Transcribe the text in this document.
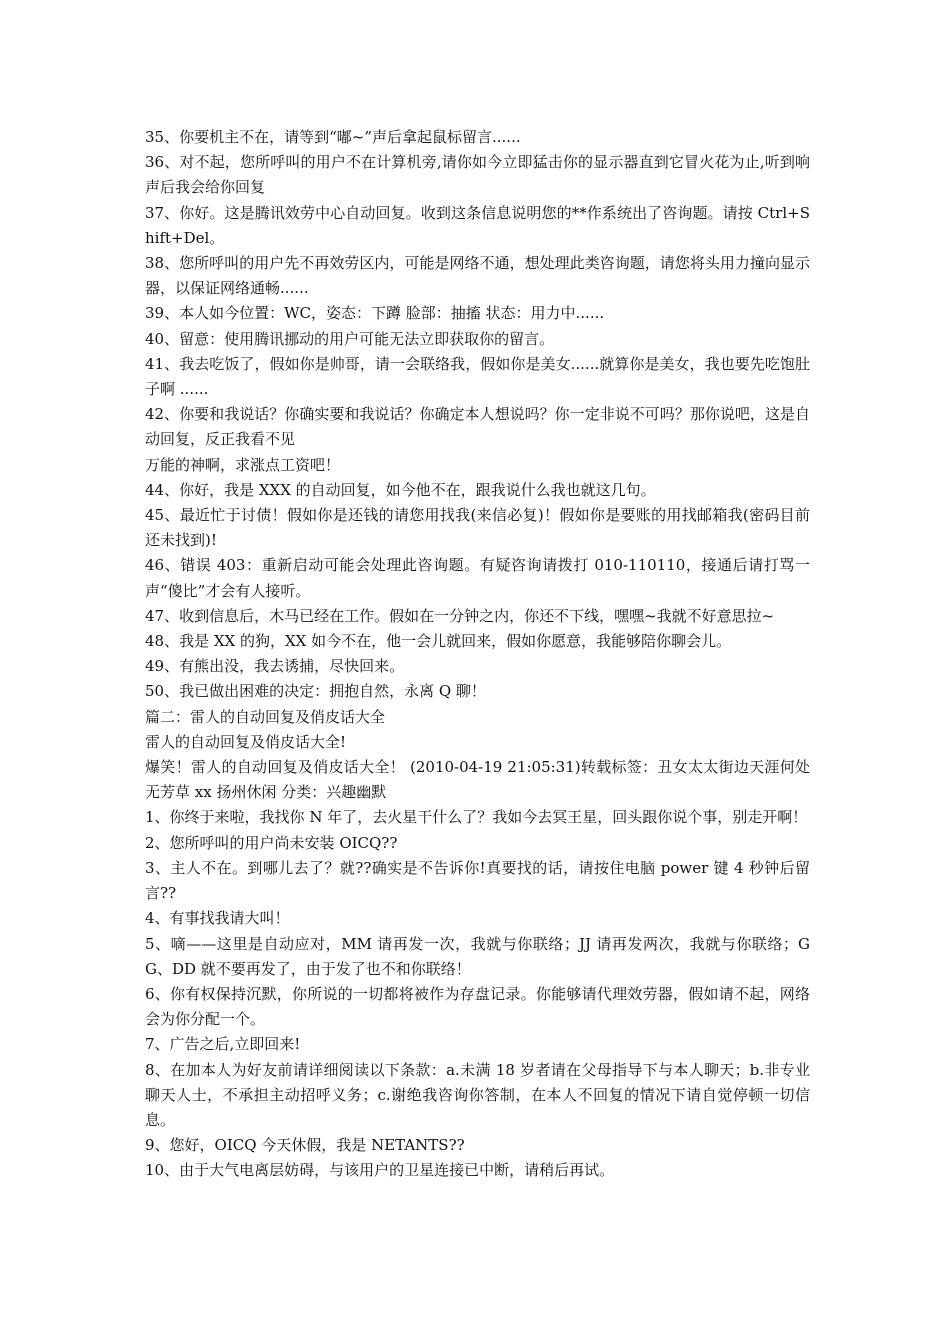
35、你要机主不在，请等到“嘟~”声后拿起鼠标留言......

36、对不起，您所呼叫的用户不在计算机旁,请你如今立即猛击你的显示器直到它冒火花为止,听到响声后我会给你回复

37、你好。这是腾讯效劳中心自动回复。收到这条信息说明您的**作系统出了咨询题。请按 Ctrl+Shift+Del。

38、您所呼叫的用户先不再效劳区内，可能是网络不通，想处理此类咨询题，请您将头用力撞向显示器，以保证网络通畅......

39、本人如今位置：WC，姿态：下蹲 脸部：抽搐 状态：用力中......

40、留意：使用腾讯挪动的用户可能无法立即获取你的留言。

41、我去吃饭了，假如你是帅哥，请一会联络我，假如你是美女......就算你是美女，我也要先吃饱肚子啊 ......

42、你要和我说话？你确实要和我说话？你确定本人想说吗？你一定非说不可吗？那你说吧，这是自动回复，反正我看不见

万能的神啊，求涨点工资吧！

44、你好，我是 XXX 的自动回复，如今他不在，跟我说什么我也就这几句。

45、最近忙于讨债！假如你是还钱的请您用找我(来信必复)！假如你是要账的用找邮箱我(密码目前还未找到)!

46、错误 403：重新启动可能会处理此咨询题。有疑咨询请拨打 010-110110，接通后请打骂一声“傻比”才会有人接听。

47、收到信息后，木马已经在工作。假如在一分钟之内，你还不下线，嘿嘿~我就不好意思拉~

48、我是 XX 的狗，XX 如今不在，他一会儿就回来，假如你愿意，我能够陪你聊会儿。

49、有熊出没，我去诱捕，尽快回来。

50、我已做出困难的决定：拥抱自然，永离 Q 聊！

篇二：雷人的自动回复及俏皮话大全

雷人的自动回复及俏皮话大全!

爆笑！雷人的自动回复及俏皮话大全！ (2010-04-19 21:05:31)转载标签：丑女太太街边天涯何处无芳草 xx 扬州休闲 分类：兴趣幽默

1、你终于来啦，我找你 N 年了，去火星干什么了？我如今去冥王星，回头跟你说个事，别走开啊！

2、您所呼叫的用户尚未安装 OICQ??

3、主人不在。到哪儿去了？就??确实是不告诉你!真要找的话，请按住电脑 power 键 4 秒钟后留言??

4、有事找我请大叫！

5、嘀——这里是自动应对，MM 请再发一次，我就与你联络；JJ 请再发两次，我就与你联络；GG、DD 就不要再发了，由于发了也不和你联络！

6、你有权保持沉默，你所说的一切都将被作为存盘记录。你能够请代理效劳器，假如请不起，网络会为你分配一个。

7、广告之后,立即回来!

8、在加本人为好友前请详细阅读以下条款：a.未满 18 岁者请在父母指导下与本人聊天；b.非专业聊天人士，不承担主动招呼义务；c.谢绝我咨询你答制，在本人不回复的情况下请自觉停顿一切信息。

9、您好，OICQ 今天休假，我是 NETANTS??

10、由于大气电离层妨碍，与该用户的卫星连接已中断，请稍后再试。
